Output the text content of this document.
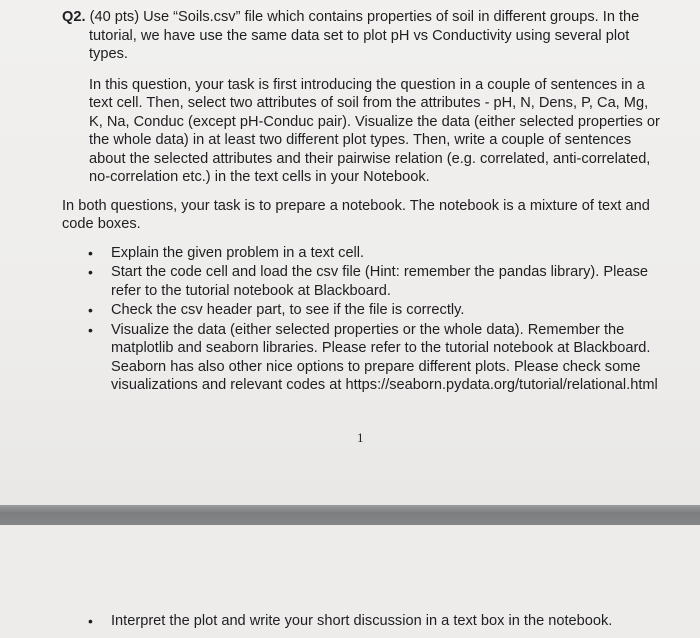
Q2. (40 pts) Use “Soils.csv” file which contains properties of soil in different groups. In the tutorial, we have use the same data set to plot pH vs Conductivity using several plot types.

In this question, your task is first introducing the question in a couple of sentences in a text cell. Then, select two attributes of soil from the attributes - pH, N, Dens, P, Ca, Mg, K, Na, Conduc (except pH-Conduc pair). Visualize the data (either selected properties or the whole data) in at least two different plot types. Then, write a couple of sentences about the selected attributes and their pairwise relation (e.g. correlated, anti-correlated, no-correlation etc.) in the text cells in your Notebook.

In both questions, your task is to prepare a notebook. The notebook is a mixture of text and code boxes.

• Explain the given problem in a text cell.
• Start the code cell and load the csv file (Hint: remember the pandas library). Please refer to the tutorial notebook at Blackboard.
• Check the csv header part, to see if the file is correctly.
• Visualize the data (either selected properties or the whole data). Remember the matplotlib and seaborn libraries. Please refer to the tutorial notebook at Blackboard. Seaborn has also other nice options to prepare different plots. Please check some visualizations and relevant codes at https://seaborn.pydata.org/tutorial/relational.html
1
• Interpret the plot and write your short discussion in a text box in the notebook.
